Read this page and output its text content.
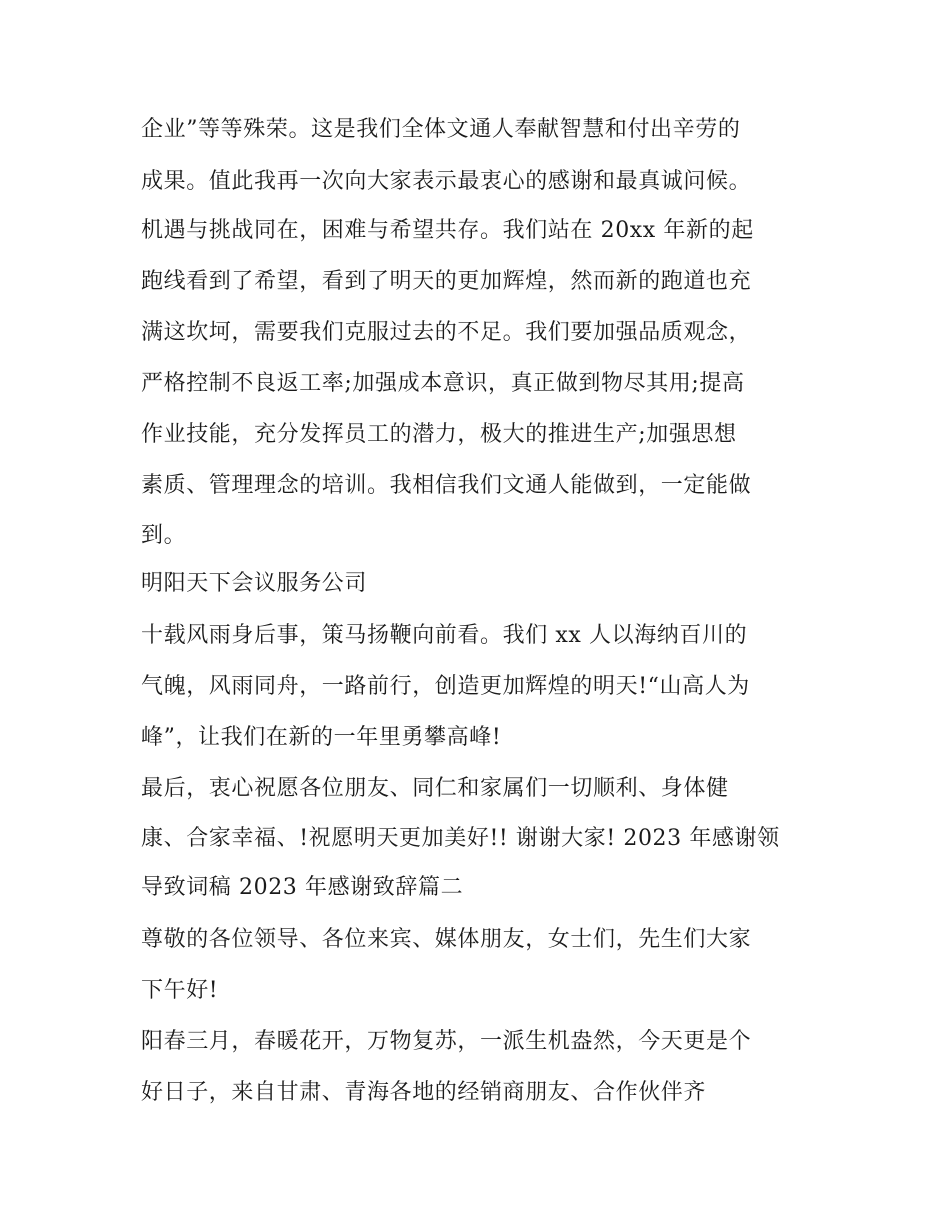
企业”等等殊荣。这是我们全体文通人奉献智慧和付出辛劳的

成果。值此我再一次向大家表示最衷心的感谢和最真诚问候。

机遇与挑战同在，困难与希望共存。我们站在 20xx 年新的起

跑线看到了希望，看到了明天的更加辉煌，然而新的跑道也充

满这坎坷，需要我们克服过去的不足。我们要加强品质观念，

严格控制不良返工率;加强成本意识，真正做到物尽其用;提高

作业技能，充分发挥员工的潜力，极大的推进生产;加强思想

素质、管理理念的培训。我相信我们文通人能做到，一定能做

到。

明阳天下会议服务公司

十载风雨身后事，策马扬鞭向前看。我们 xx 人以海纳百川的

气魄，风雨同舟，一路前行，创造更加辉煌的明天!“山高人为

峰”，让我们在新的一年里勇攀高峰!

最后，衷心祝愿各位朋友、同仁和家属们一切顺利、身体健

康、合家幸福、!祝愿明天更加美好!! 谢谢大家! 2023 年感谢领

导致词稿 2023 年感谢致辞篇二

尊敬的各位领导、各位来宾、媒体朋友，女士们，先生们大家

下午好!

阳春三月，春暖花开，万物复苏，一派生机盎然，今天更是个

好日子，来自甘肃、青海各地的经销商朋友、合作伙伴齐
